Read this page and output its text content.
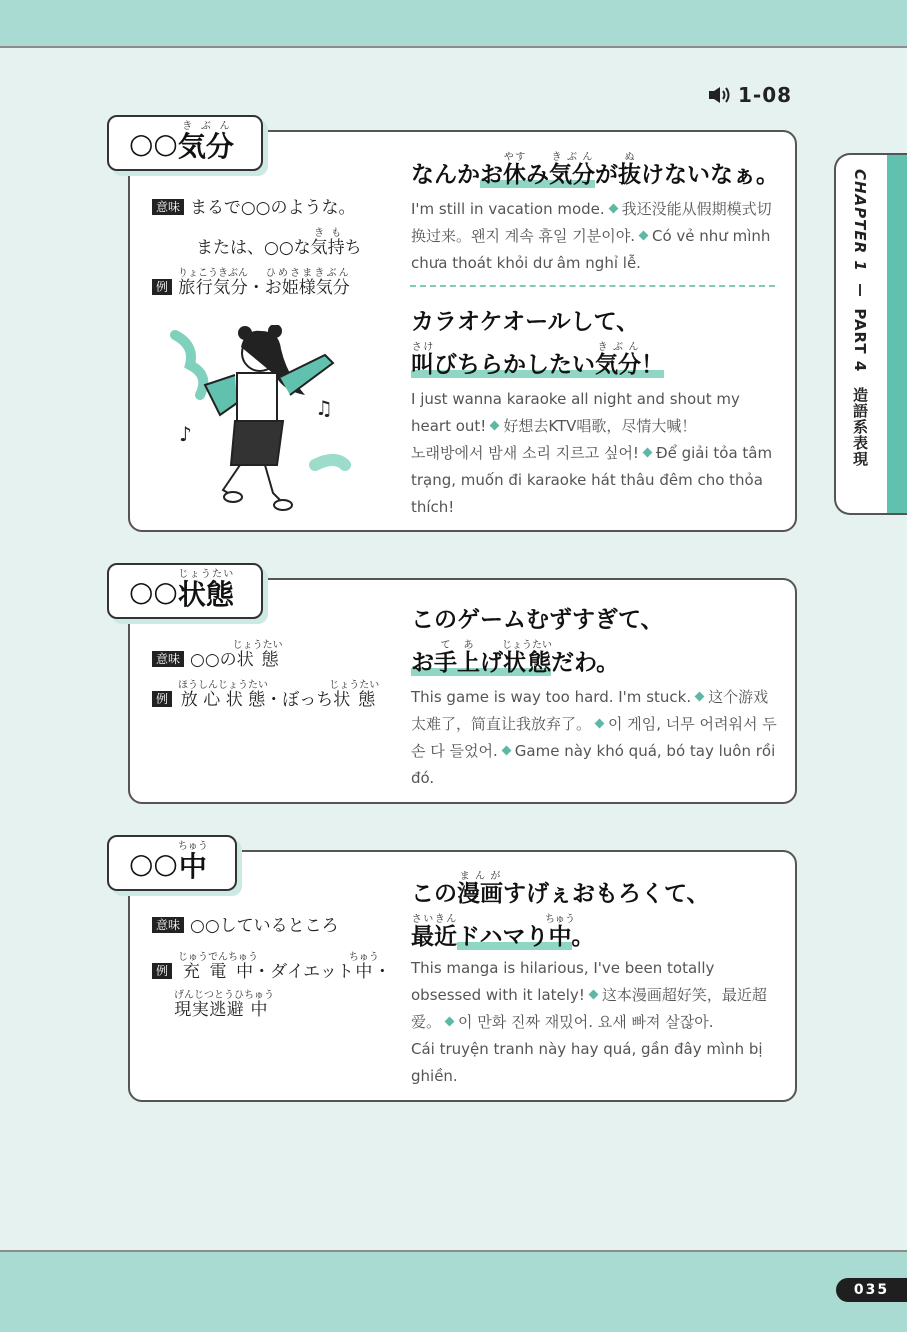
1-08
CHAPTER 1  PART 4 造語系表現
○○ 気分きぶん
意味 まるで○○のような。
または、○○な気持きもち
例 旅行気分りょこうきぶん・お姫様気分ひめさまきぶん
♪
♫
なんかお休やすみ気分きぶんが抜ぬけないなぁ。
I'm still in vacation mode. 我还没能从假期模式切换过来。왠지 계속 휴일 기분이야. Có vẻ như mình chưa thoát khỏi dư âm nghỉ lễ.
カラオケオールして、
叫さけびちらかしたい気分きぶん！
I just wanna karaoke all night and shout my heart out! 好想去KTV唱歌，尽情大喊！
노래방에서 밤새 소리 지르고 싶어! Để giải tỏa tâm trạng, muốn đi karaoke hát thâu đêm cho thỏa thích!
○○ 状態じょうたい
意味 ○○の状態じょうたい
例 放心状態ほうしんじょうたい・ぼっち状態じょうたい
このゲームむずすぎて、
お手て上あげ状態じょうたいだわ。
This game is way too hard. I'm stuck. 这个游戏太难了，简直让我放弃了。 이 게임, 너무 어려워서 두 손 다 들었어. Game này khó quá, bó tay luôn rồi đó.
○○ 中ちゅう
意味 ○○しているところ
例 充電中じゅうでんちゅう・ダイエット中ちゅう・
現実逃避げんじつとうひ中ちゅう
この漫画まんがすげぇおもろくて、
最近さいきんドハマり中ちゅう。
This manga is hilarious, I've been totally obsessed with it lately! 这本漫画超好笑，最近超爱。 이 만화 진짜 재밌어. 요새 빠져 살잖아.
Cái truyện tranh này hay quá, gần đây mình bị ghiền.
035
